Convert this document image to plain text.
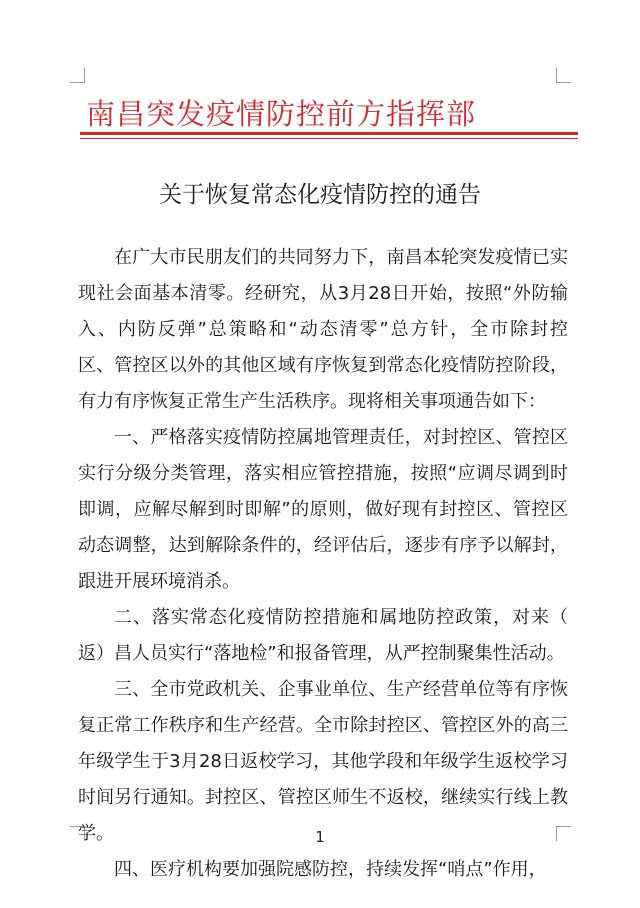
南昌突发疫情防控前方指挥部
关于恢复常态化疫情防控的通告
在广大市民朋友们的共同努力下，南昌本轮突发疫情已实
现社会面基本清零。经研究，从3月28日开始，按照“外防输
入、内防反弹”总策略和“动态清零”总方针，全市除封控
区、管控区以外的其他区域有序恢复到常态化疫情防控阶段，
有力有序恢复正常生产生活秩序。现将相关事项通告如下：
一、严格落实疫情防控属地管理责任，对封控区、管控区
实行分级分类管理，落实相应管控措施，按照“应调尽调到时
即调，应解尽解到时即解”的原则，做好现有封控区、管控区
动态调整，达到解除条件的，经评估后，逐步有序予以解封，
跟进开展环境消杀。
二、落实常态化疫情防控措施和属地防控政策，对来（
返）昌人员实行“落地检”和报备管理，从严控制聚集性活动。
三、全市党政机关、企事业单位、生产经营单位等有序恢
复正常工作秩序和生产经营。全市除封控区、管控区外的高三
年级学生于3月28日返校学习，其他学段和年级学生返校学习
时间另行通知。封控区、管控区师生不返校，继续实行线上教
学。
四、医疗机构要加强院感防控，持续发挥“哨点”作用，
1
